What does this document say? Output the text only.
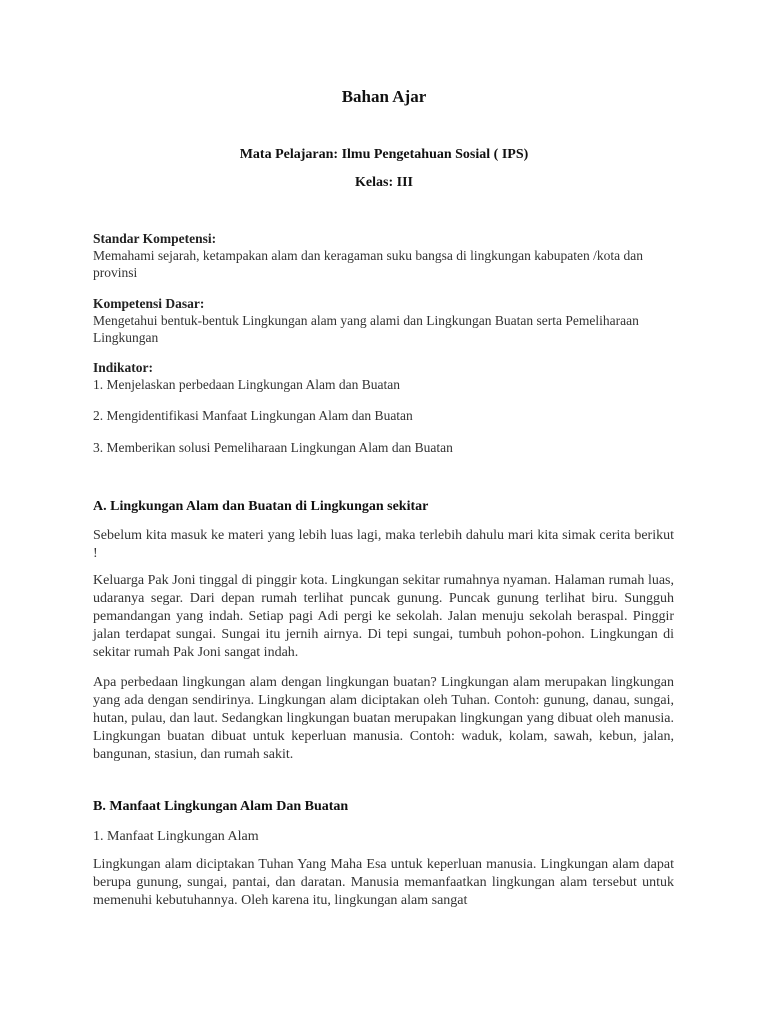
Bahan Ajar
Mata Pelajaran: Ilmu Pengetahuan Sosial ( IPS)
Kelas: III
Standar Kompetensi:
Memahami sejarah, ketampakan alam dan keragaman suku bangsa di lingkungan kabupaten /kota dan provinsi
Kompetensi Dasar:
Mengetahui bentuk-bentuk Lingkungan alam yang alami dan Lingkungan Buatan serta Pemeliharaan Lingkungan
Indikator:
1. Menjelaskan perbedaan Lingkungan Alam dan Buatan
2. Mengidentifikasi Manfaat Lingkungan Alam dan Buatan
3. Memberikan solusi Pemeliharaan Lingkungan Alam dan Buatan
A. Lingkungan Alam dan Buatan di Lingkungan sekitar

Sebelum kita masuk ke materi yang lebih luas lagi, maka terlebih dahulu mari kita simak cerita berikut !

Keluarga Pak Joni tinggal di pinggir kota. Lingkungan sekitar rumahnya nyaman. Halaman rumah luas, udaranya segar. Dari depan rumah terlihat puncak gunung. Puncak gunung terlihat biru. Sungguh pemandangan yang indah. Setiap pagi Adi pergi ke sekolah. Jalan menuju sekolah beraspal. Pinggir jalan terdapat sungai. Sungai itu jernih airnya. Di tepi sungai, tumbuh pohon-pohon. Lingkungan di sekitar rumah Pak Joni sangat indah.

Apa perbedaan lingkungan alam dengan lingkungan buatan? Lingkungan alam merupakan lingkungan yang ada dengan sendirinya. Lingkungan alam diciptakan oleh Tuhan. Contoh: gunung, danau, sungai, hutan, pulau, dan laut. Sedangkan lingkungan buatan merupakan lingkungan yang dibuat oleh manusia. Lingkungan buatan dibuat untuk keperluan manusia. Contoh: waduk, kolam, sawah, kebun, jalan, bangunan, stasiun, dan rumah sakit.

B. Manfaat Lingkungan Alam Dan Buatan
1. Manfaat Lingkungan Alam

Lingkungan alam diciptakan Tuhan Yang Maha Esa untuk keperluan manusia. Lingkungan alam dapat berupa gunung, sungai, pantai, dan daratan. Manusia memanfaatkan lingkungan alam tersebut untuk memenuhi kebutuhannya. Oleh karena itu, lingkungan alam sangat
